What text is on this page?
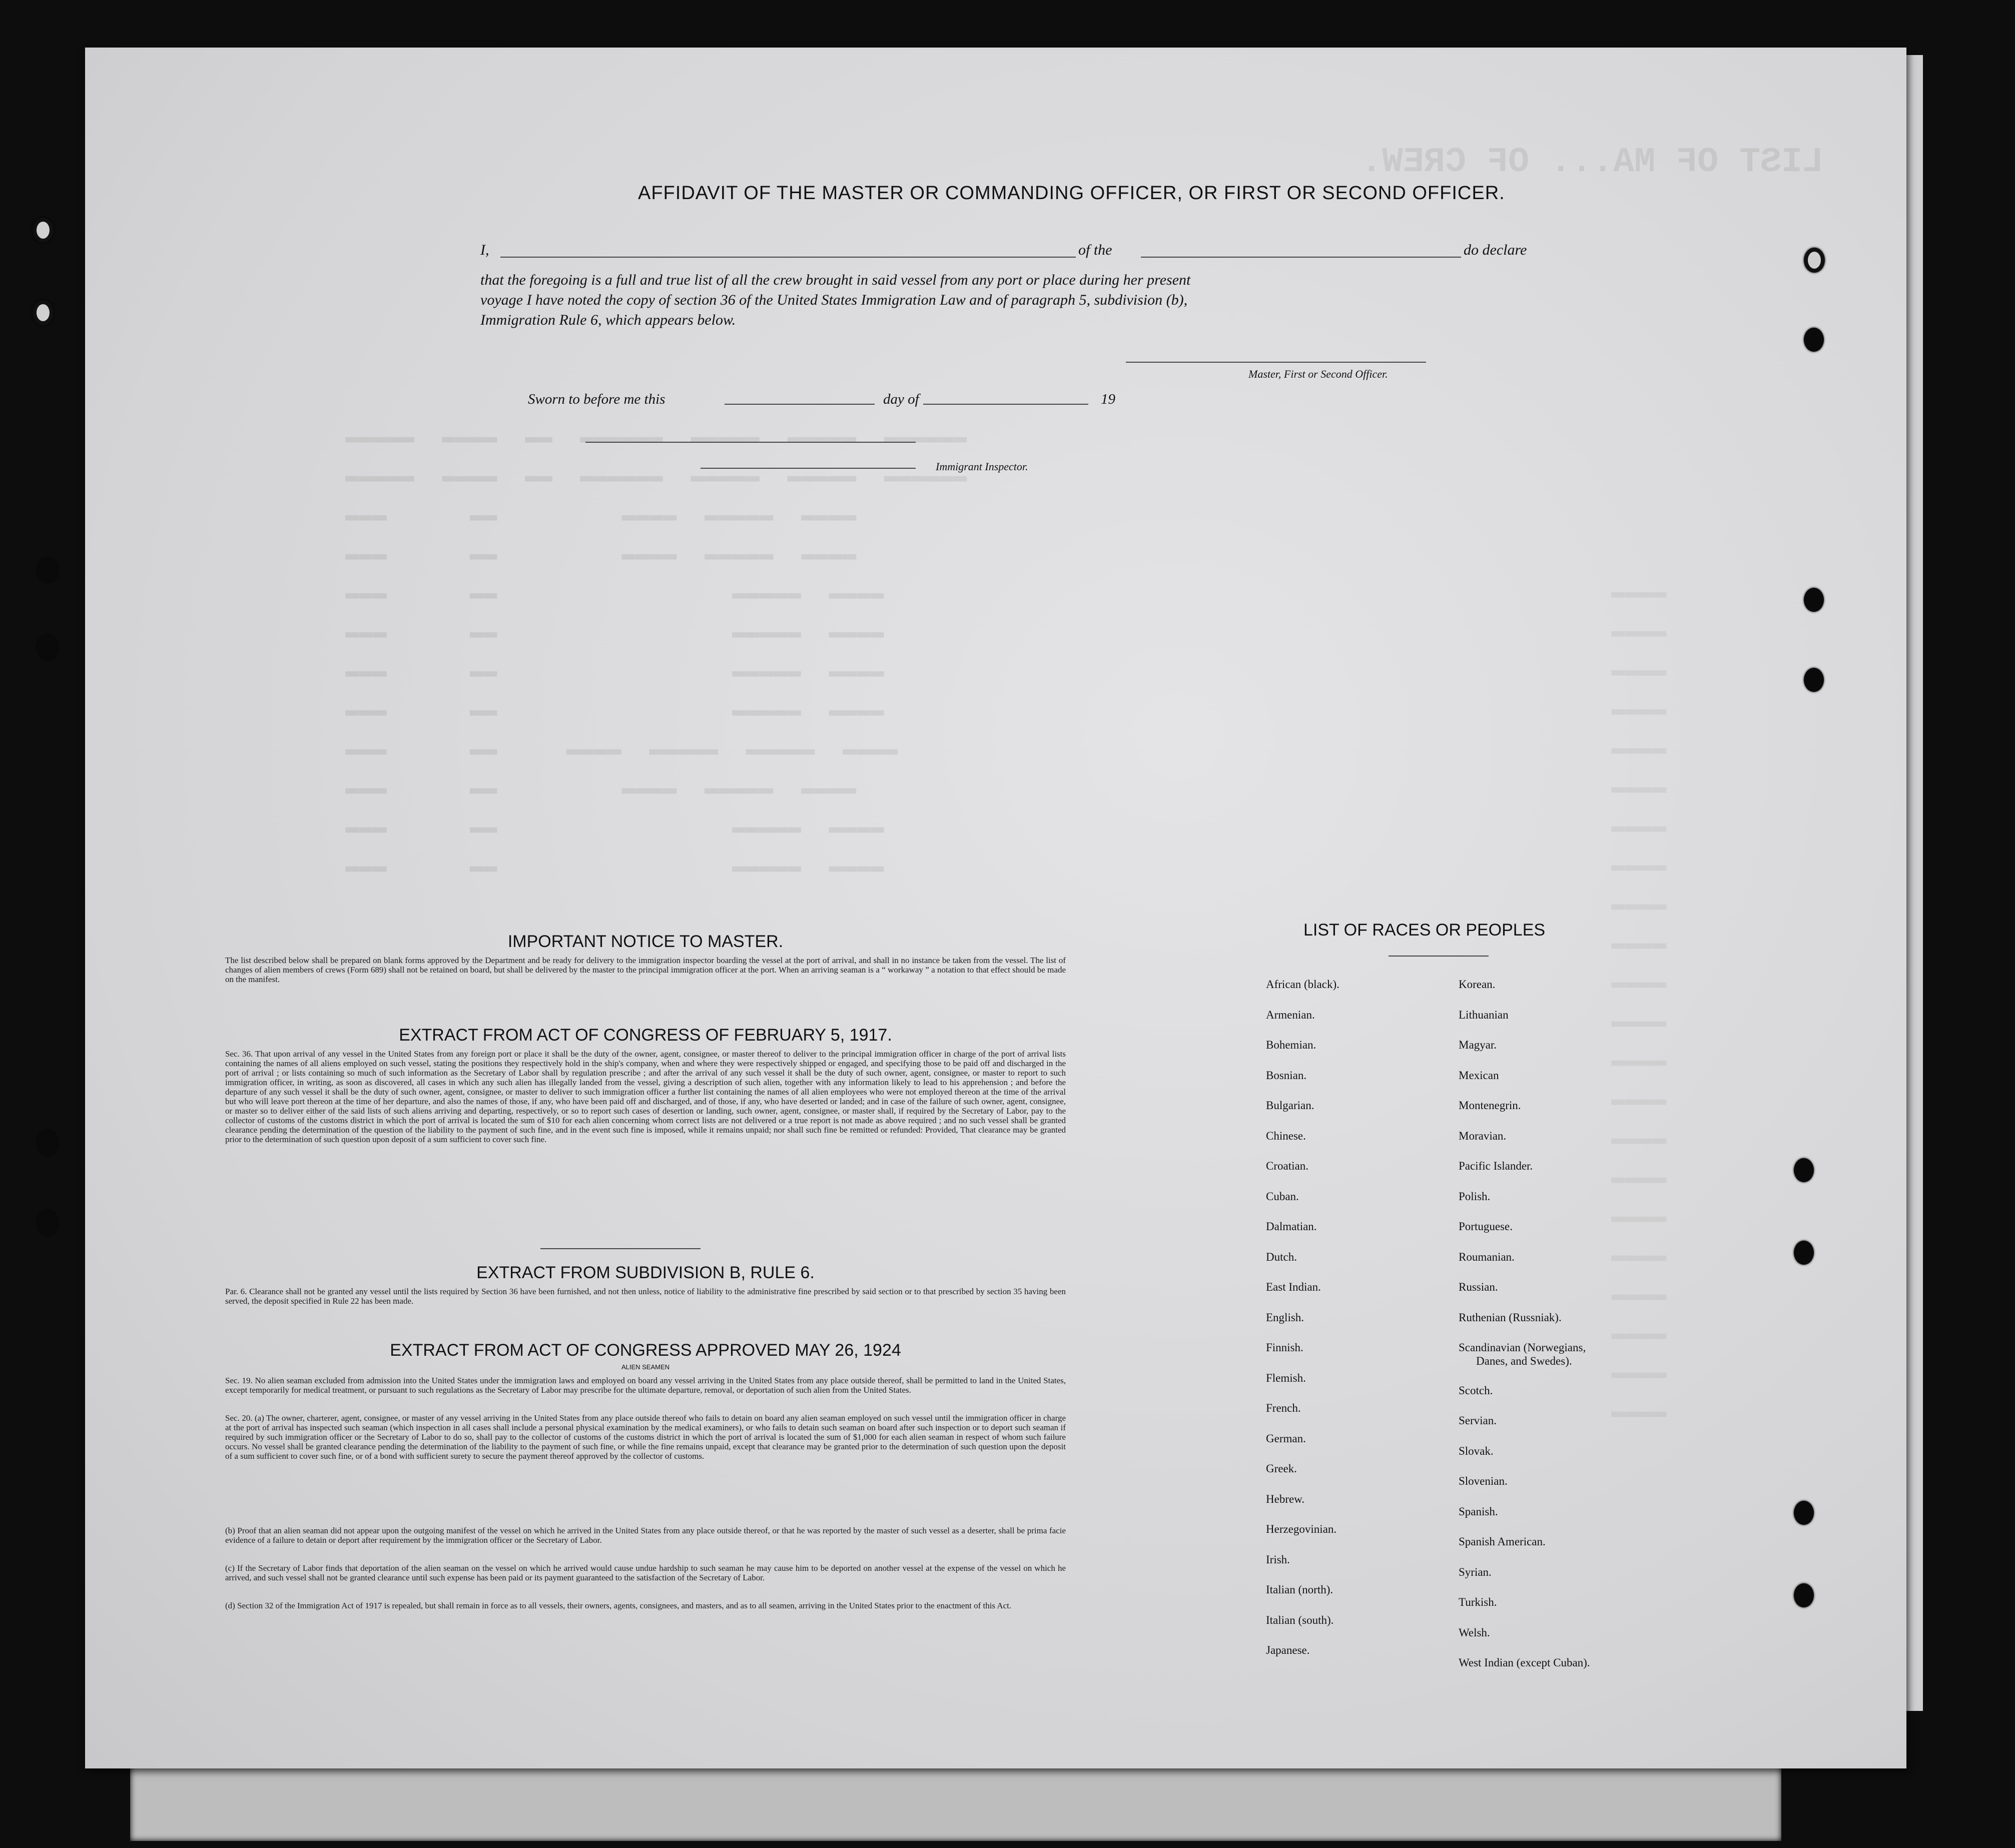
LIST OF MA... OF CREW.
▬▬▬▬▬  ▬▬▬▬  ▬▬  ▬▬▬▬▬▬  ▬▬▬▬▬  ▬▬▬▬▬  ▬▬▬▬▬▬
▬▬▬▬▬  ▬▬▬▬  ▬▬  ▬▬▬▬▬▬  ▬▬▬▬▬  ▬▬▬▬▬  ▬▬▬▬▬▬
▬▬▬      ▬▬         ▬▬▬▬  ▬▬▬▬▬  ▬▬▬▬
▬▬▬      ▬▬         ▬▬▬▬  ▬▬▬▬▬  ▬▬▬▬
▬▬▬      ▬▬                 ▬▬▬▬▬  ▬▬▬▬
▬▬▬      ▬▬                 ▬▬▬▬▬  ▬▬▬▬
▬▬▬      ▬▬                 ▬▬▬▬▬  ▬▬▬▬
▬▬▬      ▬▬                 ▬▬▬▬▬  ▬▬▬▬
▬▬▬      ▬▬     ▬▬▬▬  ▬▬▬▬▬  ▬▬▬▬▬  ▬▬▬▬
▬▬▬      ▬▬         ▬▬▬▬  ▬▬▬▬▬  ▬▬▬▬
▬▬▬      ▬▬                 ▬▬▬▬▬  ▬▬▬▬
▬▬▬      ▬▬                 ▬▬▬▬▬  ▬▬▬▬
▬▬▬▬
▬▬▬▬
▬▬▬▬
▬▬▬▬
▬▬▬▬
▬▬▬▬
▬▬▬▬
▬▬▬▬
▬▬▬▬
▬▬▬▬
▬▬▬▬
▬▬▬▬
▬▬▬▬
▬▬▬▬
▬▬▬▬
▬▬▬▬
▬▬▬▬
▬▬▬▬
▬▬▬▬
▬▬▬▬
▬▬▬▬
▬▬▬▬
AFFIDAVIT OF THE MASTER OR COMMANDING OFFICER, OR FIRST OR SECOND OFFICER.
I,	of the	do declare
that the foregoing is a full and true list of all the crew brought in said vessel from any port or place during her present
voyage I have noted the copy of section 36 of the United States Immigration Law and of paragraph 5, subdivision (b),
Immigration Rule 6, which appears below.
Master, First or Second Officer.
Sworn to before me this	day of	19
Immigrant Inspector.
IMPORTANT NOTICE TO MASTER.
The list described below shall be prepared on blank forms approved by the Department and be ready for delivery to the immigration inspector boarding the vessel at the port of arrival, and shall in no instance be taken from the vessel. The list of changes of alien members of crews (Form 689) shall not be retained on board, but shall be delivered by the master to the principal immigration officer at the port. When an arriving seaman is a “ workaway ” a notation to that effect should be made on the manifest.
EXTRACT FROM ACT OF CONGRESS OF FEBRUARY 5, 1917.
Sec. 36. That upon arrival of any vessel in the United States from any foreign port or place it shall be the duty of the owner, agent, consignee, or master thereof to deliver to the principal immigration officer in charge of the port of arrival lists containing the names of all aliens employed on such vessel, stating the positions they respectively hold in the ship's company, when and where they were respectively shipped or engaged, and specifying those to be paid off and discharged in the port of arrival ; or lists containing so much of such information as the Secretary of Labor shall by regulation prescribe ; and after the arrival of any such vessel it shall be the duty of such owner, agent, consignee, or master to report to such immigration officer, in writing, as soon as discovered, all cases in which any such alien has illegally landed from the vessel, giving a description of such alien, together with any information likely to lead to his apprehension ; and before the departure of any such vessel it shall be the duty of such owner, agent, consignee, or master to deliver to such immigration officer a further list containing the names of all alien employees who were not employed thereon at the time of the arrival but who will leave port thereon at the time of her departure, and also the names of those, if any, who have been paid off and discharged, and of those, if any, who have deserted or landed; and in case of the failure of such owner, agent, consignee, or master so to deliver either of the said lists of such aliens arriving and departing, respectively, or so to report such cases of desertion or landing, such owner, agent, consignee, or master shall, if required by the Secretary of Labor, pay to the collector of customs of the customs district in which the port of arrival is located the sum of $10 for each alien concerning whom correct lists are not delivered or a true report is not made as above required ; and no such vessel shall be granted clearance pending the determination of the question of the liability to the payment of such fine, and in the event such fine is imposed, while it remains unpaid; nor shall such fine be remitted or refunded: Provided, That clearance may be granted prior to the determination of such question upon deposit of a sum sufficient to cover such fine.
EXTRACT FROM SUBDIVISION B, RULE 6.
Par. 6. Clearance shall not be granted any vessel until the lists required by Section 36 have been furnished, and not then unless, notice of liability to the administrative fine prescribed by said section or to that prescribed by section 35 having been served, the deposit specified in Rule 22 has been made.
EXTRACT FROM ACT OF CONGRESS APPROVED MAY 26, 1924
ALIEN SEAMEN
Sec. 19. No alien seaman excluded from admission into the United States under the immigration laws and employed on board any vessel arriving in the United States from any place outside thereof, shall be permitted to land in the United States, except temporarily for medical treatment, or pursuant to such regulations as the Secretary of Labor may prescribe for the ultimate departure, removal, or deportation of such alien from the United States.
Sec. 20. (a) The owner, charterer, agent, consignee, or master of any vessel arriving in the United States from any place outside thereof who fails to detain on board any alien seaman employed on such vessel until the immigration officer in charge at the port of arrival has inspected such seaman (which inspection in all cases shall include a personal physical examination by the medical examiners), or who fails to detain such seaman on board after such inspection or to deport such seaman if required by such immigration officer or the Secretary of Labor to do so, shall pay to the collector of customs of the customs district in which the port of arrival is located the sum of $1,000 for each alien seaman in respect of whom such failure occurs. No vessel shall be granted clearance pending the determination of the liability to the payment of such fine, or while the fine remains unpaid, except that clearance may be granted prior to the determination of such question upon the deposit of a sum sufficient to cover such fine, or of a bond with sufficient surety to secure the payment thereof approved by the collector of customs.
(b) Proof that an alien seaman did not appear upon the outgoing manifest of the vessel on which he arrived in the United States from any place outside thereof, or that he was reported by the master of such vessel as a deserter, shall be prima facie evidence of a failure to detain or deport after requirement by the immigration officer or the Secretary of Labor.
(c) If the Secretary of Labor finds that deportation of the alien seaman on the vessel on which he arrived would cause undue hardship to such seaman he may cause him to be deported on another vessel at the expense of the vessel on which he arrived, and such vessel shall not be granted clearance until such expense has been paid or its payment guaranteed to the satisfaction of the Secretary of Labor.
(d) Section 32 of the Immigration Act of 1917 is repealed, but shall remain in force as to all vessels, their owners, agents, consignees, and masters, and as to all seamen, arriving in the United States prior to the enactment of this Act.
LIST OF RACES OR PEOPLES
African (black).
Armenian.
Bohemian.
Bosnian.
Bulgarian.
Chinese.
Croatian.
Cuban.
Dalmatian.
Dutch.
East Indian.
English.
Finnish.
Flemish.
French.
German.
Greek.
Hebrew.
Herzegovinian.
Irish.
Italian (north).
Italian (south).
Japanese.
Korean.
Lithuanian
Magyar.
Mexican
Montenegrin.
Moravian.
Pacific Islander.
Polish.
Portuguese.
Roumanian.
Russian.
Ruthenian (Russniak).
Scandinavian (Norwegians,
Scotch.
Servian.
Slovak.
Slovenian.
Spanish.
Spanish American.
Syrian.
Turkish.
Welsh.
West Indian (except Cuban).
Danes, and Swedes).
